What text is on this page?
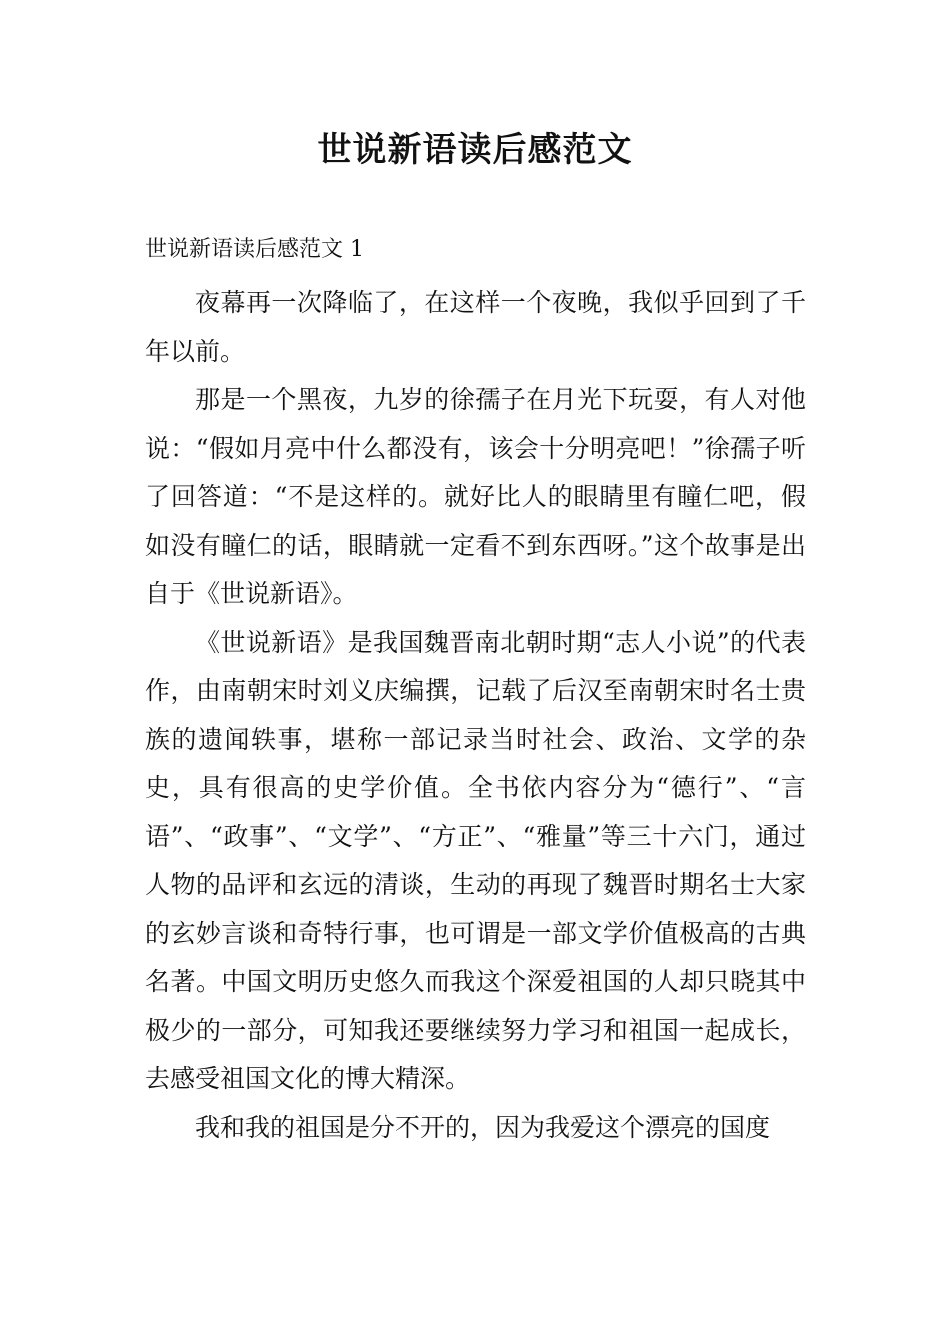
世说新语读后感范文
世说新语读后感范文 1

夜幕再一次降临了，在这样一个夜晚，我似乎回到了千年以前。

那是一个黑夜，九岁的徐孺子在月光下玩耍，有人对他说：“假如月亮中什么都没有，该会十分明亮吧！”徐孺子听了回答道：“不是这样的。就好比人的眼睛里有瞳仁吧，假如没有瞳仁的话，眼睛就一定看不到东西呀。”这个故事是出自于《世说新语》。

《世说新语》是我国魏晋南北朝时期“志人小说”的代表作，由南朝宋时刘义庆编撰，记载了后汉至南朝宋时名士贵族的遗闻轶事，堪称一部记录当时社会、政治、文学的杂史，具有很高的史学价值。全书依内容分为“德行”、“言语”、“政事”、“文学”、“方正”、“雅量”等三十六门，通过人物的品评和玄远的清谈，生动的再现了魏晋时期名士大家的玄妙言谈和奇特行事，也可谓是一部文学价值极高的古典名著。中国文明历史悠久而我这个深爱祖国的人却只晓其中极少的一部分，可知我还要继续努力学习和祖国一起成长，去感受祖国文化的博大精深。

我和我的祖国是分不开的，因为我爱这个漂亮的国度
